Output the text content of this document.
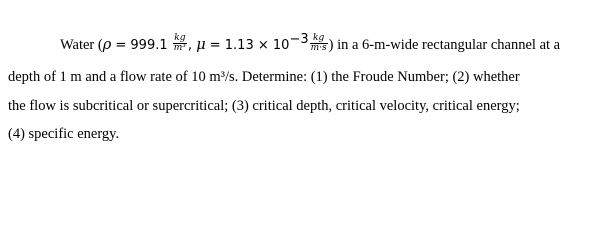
Water ($\rho = 999.1 \frac{kg}{\text{m³}}$ , $\mu = 1.13 \times 10^{-3} \frac{kg}{m\cdot s}$ ) in a 6-m-wide rectangular channel at a
depth of 1 m and a flow rate of 10 m³/s. Determine: (1) the Froude Number; (2) whether
the flow is subcritical or supercritical; (3) critical depth, critical velocity, critical energy;
(4) specific energy.
